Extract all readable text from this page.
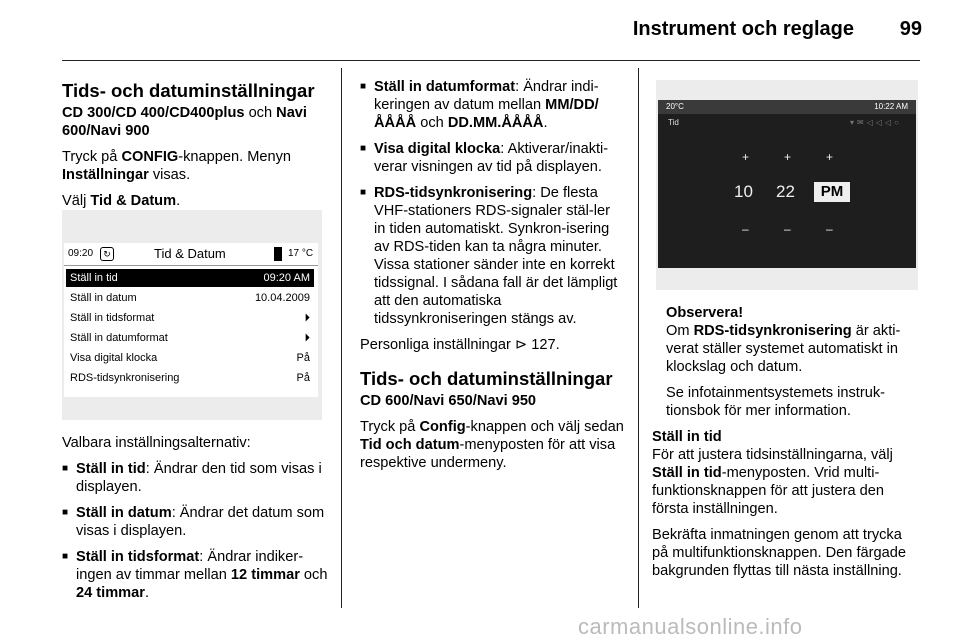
Instrument och reglage 99
Tids- och datuminställningar

CD 300/CD 400/CD400plus och Navi 600/Navi 900

Tryck på CONFIG-knappen. Menyn Inställningar visas.

Välj Tid & Datum.

09:20	↻	Tid & Datum	17 °C
Ställ in tid	09:20 AM
Ställ in datum	10.04.2009
Ställ in tidsformat	⏵
Ställ in datumformat	⏵
Visa digital klocka	På
RDS-tidsynkronisering	På

Valbara inställningsalternativ:

■ Ställ in tid: Ändrar den tid som visas i displayen.
■ Ställ in datum: Ändrar det datum som visas i displayen.
■ Ställ in tidsformat: Ändrar indiker-ingen av timmar mellan 12 timmar och 24 timmar.
■ Ställ in datumformat: Ändrar indi-keringen av datum mellan MM/DD/ÅÅÅÅ och DD.MM.ÅÅÅÅ.
■ Visa digital klocka: Aktiverar/inakti-verar visningen av tid på displayen.
■ RDS-tidsynkronisering: De flesta VHF-stationers RDS-signaler stäl-ler in tiden automatiskt. Synkron-isering av RDS-tiden kan ta några minuter. Vissa stationer sänder inte en korrekt tidssignal. I sådana fall är det lämpligt att den automatiska tidssynkroniseringen stängs av.

Personliga inställningar ⊳ 127.

Tids- och datuminställningar

CD 600/Navi 650/Navi 950

Tryck på Config-knappen och välj sedan Tid och datum-menyposten för att visa respektive undermeny.

20°C	10:22 AM
Tid	▾✉◁◁◁○
+	+	+
10 22	PM
–	–	–

Observera!

Om RDS-tidsynkronisering är akti-verat ställer systemet automatiskt in klockslag och datum.

Se infotainmentsystemets instruk-tionsbok för mer information.

Ställ in tid

För att justera tidsinställningarna, välj Ställ in tid-menyposten. Vrid multi-funktionsknappen för att justera den första inställningen.

Bekräfta inmatningen genom att trycka på multifunktionsknappen. Den färgade bakgrunden flyttas till nästa inställning.

carmanualsonline.info
